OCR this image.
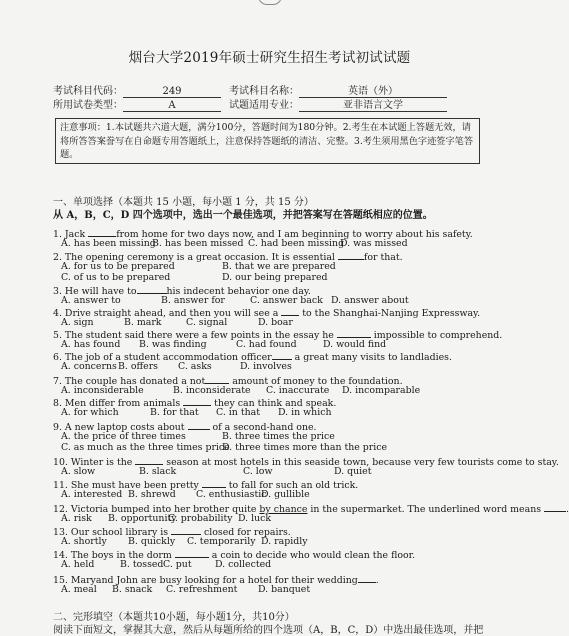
烟台大学2019年硕士研究生招生考试初试试题
考试科目代码：	249	考试科目名称：	英语（外）
所用试卷类型：	A	试题适用专业：	亚非语言文学
注意事项：1.本试题共六道大题，满分100分，答题时间为180分钟。2.考生在本试题上答题无效，请将所答答案誊写在自命题专用答题纸上，注意保持答题纸的清洁、完整。3.考生须用黑色字迹签字笔答题。
一、单项选择（本题共 15 小题，每小题 1 分，共 15 分）
从 A，B，C，D 四个选项中，选出一个最佳选项，并把答案写在答题纸相应的位置。
1. Jack	from home for two days now, and I am beginning to worry about his safety.
A. has been missing
B. has been missed C. had been missing
D. was missed
2. The opening ceremony is a great occasion. It is essential	for that.
A. for us to be prepared	B. that we are prepared
C. of us to be prepared	D. our being prepared
3. He will have to	his indecent behavior one day.
A. answer to	B. answer for	C. answer back D. answer about
4. Drive straight ahead, and then you will see a  to the Shanghai-Nanjing Expressway.
A. sign	B. mark	C. signal	D. boar
5. The student said there were a few points in the essay he	impossible to comprehend.
A. has found B. was finding	C. had found	D. would find
6. The job of a student accommodation officer a great many visits to landladies.
A. concerns B. offers C. asks	D. involves
7. The couple has donated a not	amount of money to the foundation.
A. inconsiderable	B. inconsiderate C. inaccurate D. incomparable
8. Men differ from animals	they can think and speak.
A. for which	B. for that C. in that D. in which
9. A new laptop costs about  of a second-hand one.
A. the price of three times	B. three times the price
C. as much as the three times price
D. three times more than the price
10. Winter is the	season at most hotels in this seaside town, because very few tourists come to stay.
A. slow	B. slack	C. low	D. quiet
11. She must have been pretty	to fall for such an old trick.
A. interested B. shrewd C. enthusiastic
D. gullible
12. Victoria bumped into her brother quite by chance in the supermarket. The underlined word means .
A. risk B. opportunity
C. probability D. luck
13. Our school library is	closed for repairs.
A. shortly B. quickly C. temporarily D. rapidly
14. The boys in the dorm	a coin to decide who would clean the floor.
A. held	B. tossed C. put D. collected
15. Maryand John are busy looking for a hotel for their wedding .
A. meal B. snack C. refreshment D. banquet
二、完形填空（本题共10小题，每小题1分，共10分）
阅读下面短文，掌握其大意，然后从每题所给的四个选项（A，B，C，D）中选出最佳选项，并把
